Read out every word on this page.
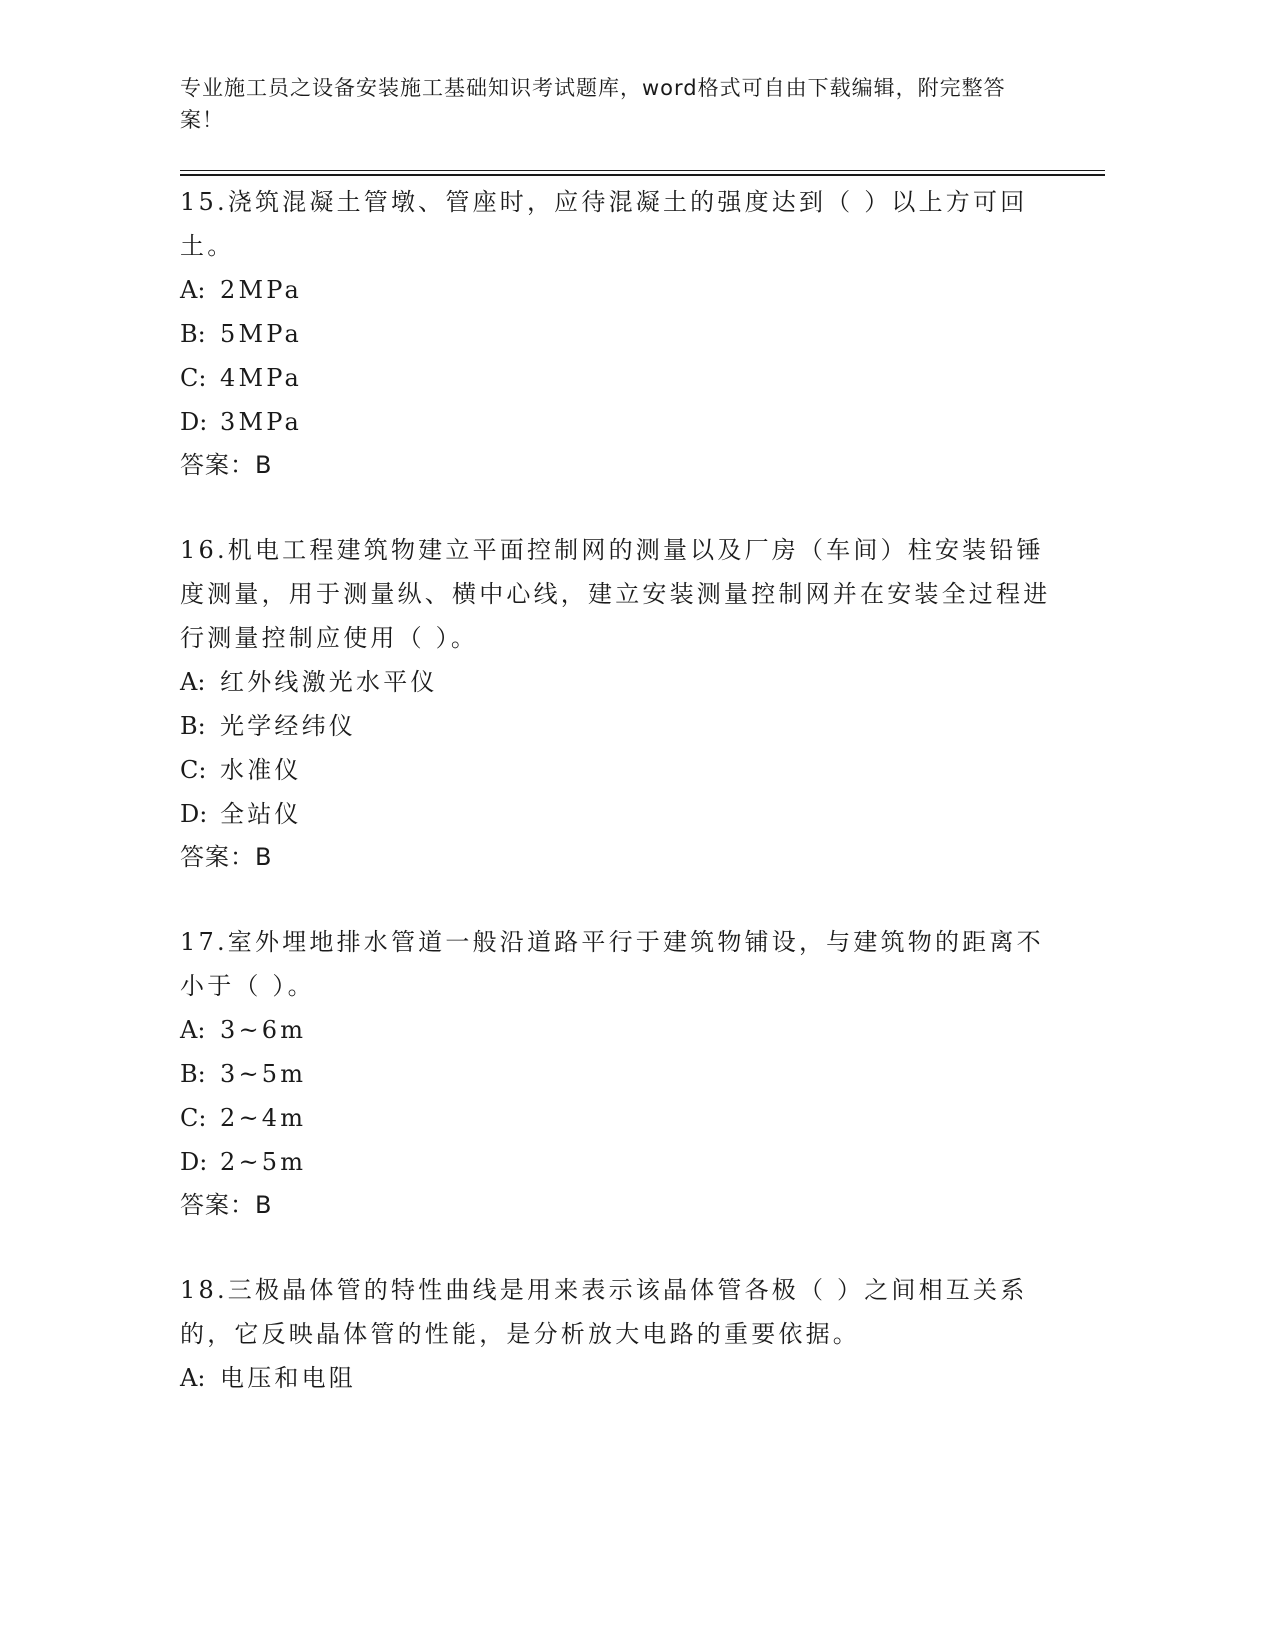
专业施工员之设备安装施工基础知识考试题库，word格式可自由下载编辑，附完整答案！

15.浇筑混凝土管墩、管座时，应待混凝土的强度达到（ ）以上方可回土。

A: 2MPa

B: 5MPa

C: 4MPa

D: 3MPa

答案：B

16.机电工程建筑物建立平面控制网的测量以及厂房（车间）柱安装铅锤度测量，用于测量纵、横中心线，建立安装测量控制网并在安装全过程进行测量控制应使用（ ）。

A: 红外线激光水平仪

B: 光学经纬仪

C: 水准仪

D: 全站仪

答案：B

17.室外埋地排水管道一般沿道路平行于建筑物铺设，与建筑物的距离不小于（ ）。

A: 3~6m

B: 3~5m

C: 2~4m

D: 2~5m

答案：B

18.三极晶体管的特性曲线是用来表示该晶体管各极（ ）之间相互关系的，它反映晶体管的性能，是分析放大电路的重要依据。

A: 电压和电阻
